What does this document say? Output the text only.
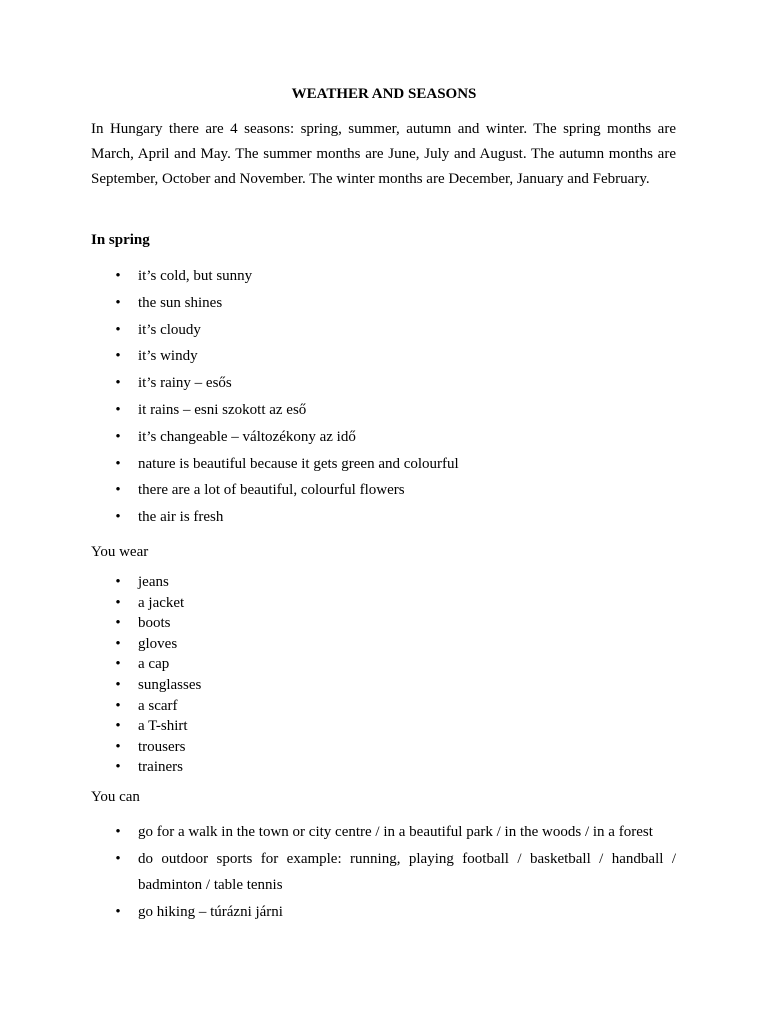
WEATHER AND SEASONS

In Hungary there are 4 seasons: spring, summer, autumn and winter. The spring months are March, April and May. The summer months are June, July and August. The autumn months are September, October and November. The winter months are December, January and February.

In spring

• it’s cold, but sunny
• the sun shines
• it’s cloudy
• it’s windy
• it’s rainy – esős
• it rains – esni szokott az eső
• it’s changeable – változékony az idő
• nature is beautiful because it gets green and colourful
• there are a lot of beautiful, colourful flowers
• the air is fresh

You wear

• jeans
• a jacket
• boots
• gloves
• a cap
• sunglasses
• a scarf
• a T-shirt
• trousers
• trainers

You can

• go for a walk in the town or city centre / in a beautiful park / in the woods / in a forest
• do outdoor sports for example: running, playing football / basketball / handball / badminton / table tennis
• go hiking – túrázni járni
